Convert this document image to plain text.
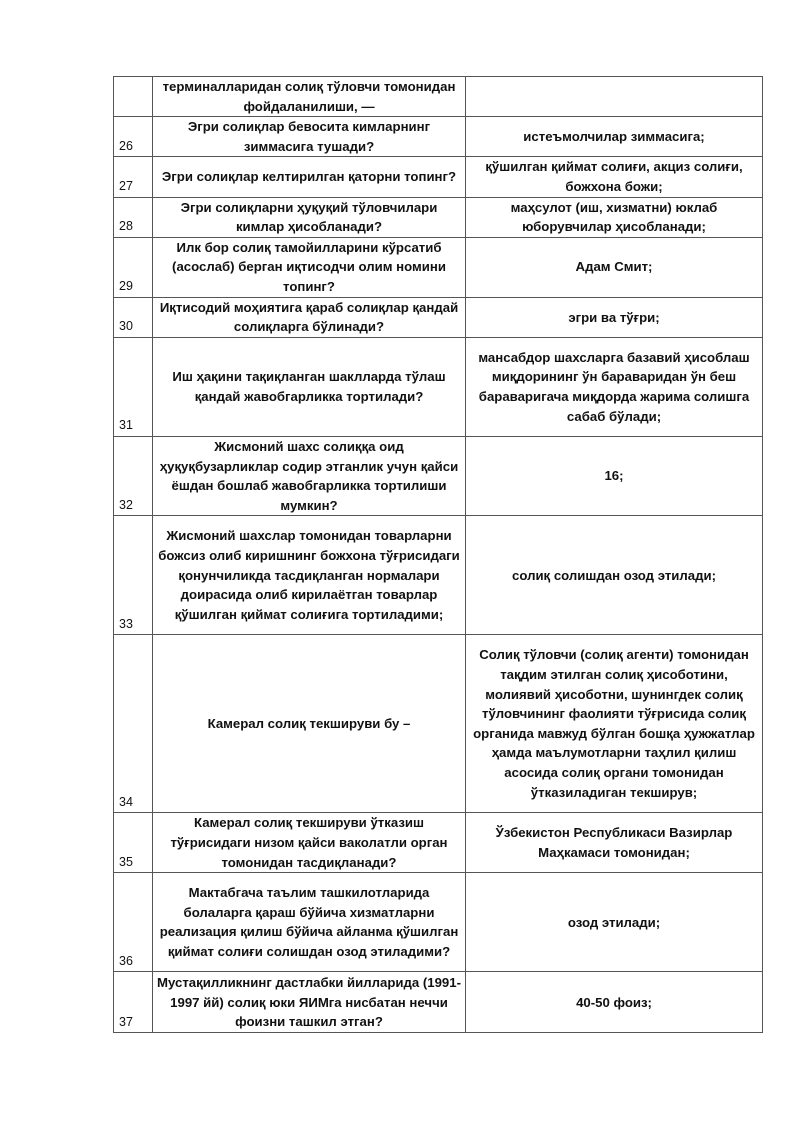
	терминалларидан солиқ тўловчи томонидан фойдаланилиши, —	
26	Эгри солиқлар бевосита кимларнинг зиммасига тушади?	истеъмолчилар зиммасига;
27	Эгри солиқлар келтирилган қаторни топинг?	қўшилган қиймат солиғи, акциз солиғи, божхона божи;
28	Эгри солиқларни ҳуқуқий тўловчилари кимлар ҳисобланади?	маҳсулот (иш, хизматни) юклаб юборувчилар ҳисобланади;
29	Илк бор солиқ тамойилларини кўрсатиб (асослаб) берган иқтисодчи олим номини топинг?	Адам Смит;
30	Иқтисодий моҳиятига қараб солиқлар қандай солиқларга бўлинади?	эгри ва тўғри;
31	Иш ҳақини тақиқланган шаклларда тўлаш қандай жавобгарликка тортилади?	мансабдор шахсларга базавий ҳисоблаш миқдорининг ўн бараваридан ўн беш бараваригача миқдорда жарима солишга сабаб бўлади;
32	Жисмоний шахс солиққа оид ҳуқуқбузарликлар содир этганлик учун қайси ёшдан бошлаб жавобгарликка тортилиши мумкин?	16;
33	Жисмоний шахслар томонидан товарларни божсиз олиб киришнинг божхона тўғрисидаги қонунчиликда тасдиқланган нормалари доирасида олиб кирилаётган товарлар қўшилган қиймат солиғига тортиладими;	солиқ солишдан озод этилади;
34	Камерал солиқ текшируви бу –	Солиқ тўловчи (солиқ агенти) томонидан тақдим этилган солиқ ҳисоботини, молиявий ҳисоботни, шунингдек солиқ тўловчининг фаолияти тўғрисида солиқ органида мавжуд бўлган бошқа ҳужжатлар ҳамда маълумотларни таҳлил қилиш асосида солиқ органи томонидан ўтказиладиган текширув;
35	Камерал солиқ текшируви ўтказиш тўғрисидаги низом қайси ваколатли орган томонидан тасдиқланади?	Ўзбекистон Республикаси Вазирлар Маҳкамаси томонидан;
36	Мактабгача таълим ташкилотларида болаларга қараш бўйича хизматларни реализация қилиш бўйича айланма қўшилган қиймат солиғи солишдан озод этиладими?	озод этилади;
37	Мустақилликнинг дастлабки йилларида (1991-1997 йй) солиқ юки ЯИМга нисбатан неччи фоизни ташкил этган?	40-50 фоиз;
